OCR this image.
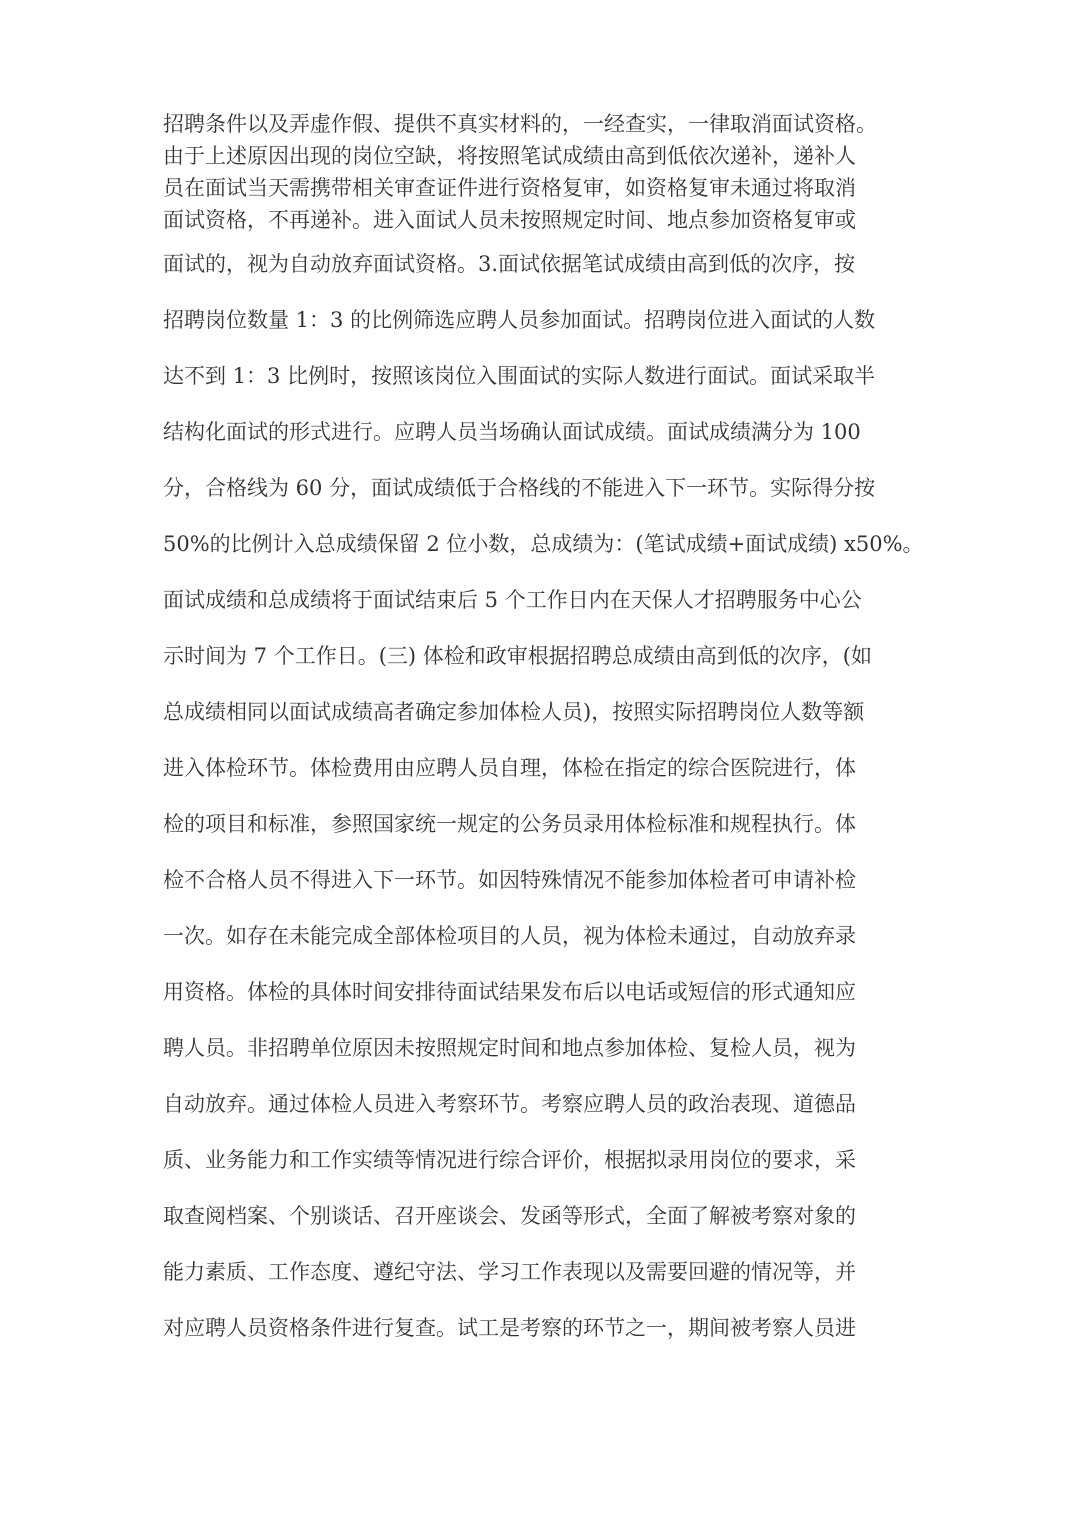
招聘条件以及弄虚作假、提供不真实材料的，一经查实，一律取消面试资格。
由于上述原因出现的岗位空缺，将按照笔试成绩由高到低依次递补，递补人
员在面试当天需携带相关审查证件进行资格复审，如资格复审未通过将取消
面试资格，不再递补。进入面试人员未按照规定时间、地点参加资格复审或
面试的，视为自动放弃面试资格。3.面试依据笔试成绩由高到低的次序，按
招聘岗位数量 1：3 的比例筛选应聘人员参加面试。招聘岗位进入面试的人数
达不到 1：3 比例时，按照该岗位入围面试的实际人数进行面试。面试采取半
结构化面试的形式进行。应聘人员当场确认面试成绩。面试成绩满分为 100
分，合格线为 60 分，面试成绩低于合格线的不能进入下一环节。实际得分按
50%的比例计入总成绩保留 2 位小数，总成绩为：(笔试成绩+面试成绩) x50%。
面试成绩和总成绩将于面试结束后 5 个工作日内在天保人才招聘服务中心公
示时间为 7 个工作日。(三) 体检和政审根据招聘总成绩由高到低的次序，(如
总成绩相同以面试成绩高者确定参加体检人员)，按照实际招聘岗位人数等额
进入体检环节。体检费用由应聘人员自理，体检在指定的综合医院进行，体
检的项目和标准，参照国家统一规定的公务员录用体检标准和规程执行。体
检不合格人员不得进入下一环节。如因特殊情况不能参加体检者可申请补检
一次。如存在未能完成全部体检项目的人员，视为体检未通过，自动放弃录
用资格。体检的具体时间安排待面试结果发布后以电话或短信的形式通知应
聘人员。非招聘单位原因未按照规定时间和地点参加体检、复检人员，视为
自动放弃。通过体检人员进入考察环节。考察应聘人员的政治表现、道德品
质、业务能力和工作实绩等情况进行综合评价，根据拟录用岗位的要求，采
取查阅档案、个别谈话、召开座谈会、发函等形式，全面了解被考察对象的
能力素质、工作态度、遵纪守法、学习工作表现以及需要回避的情况等，并
对应聘人员资格条件进行复查。试工是考察的环节之一，期间被考察人员进
